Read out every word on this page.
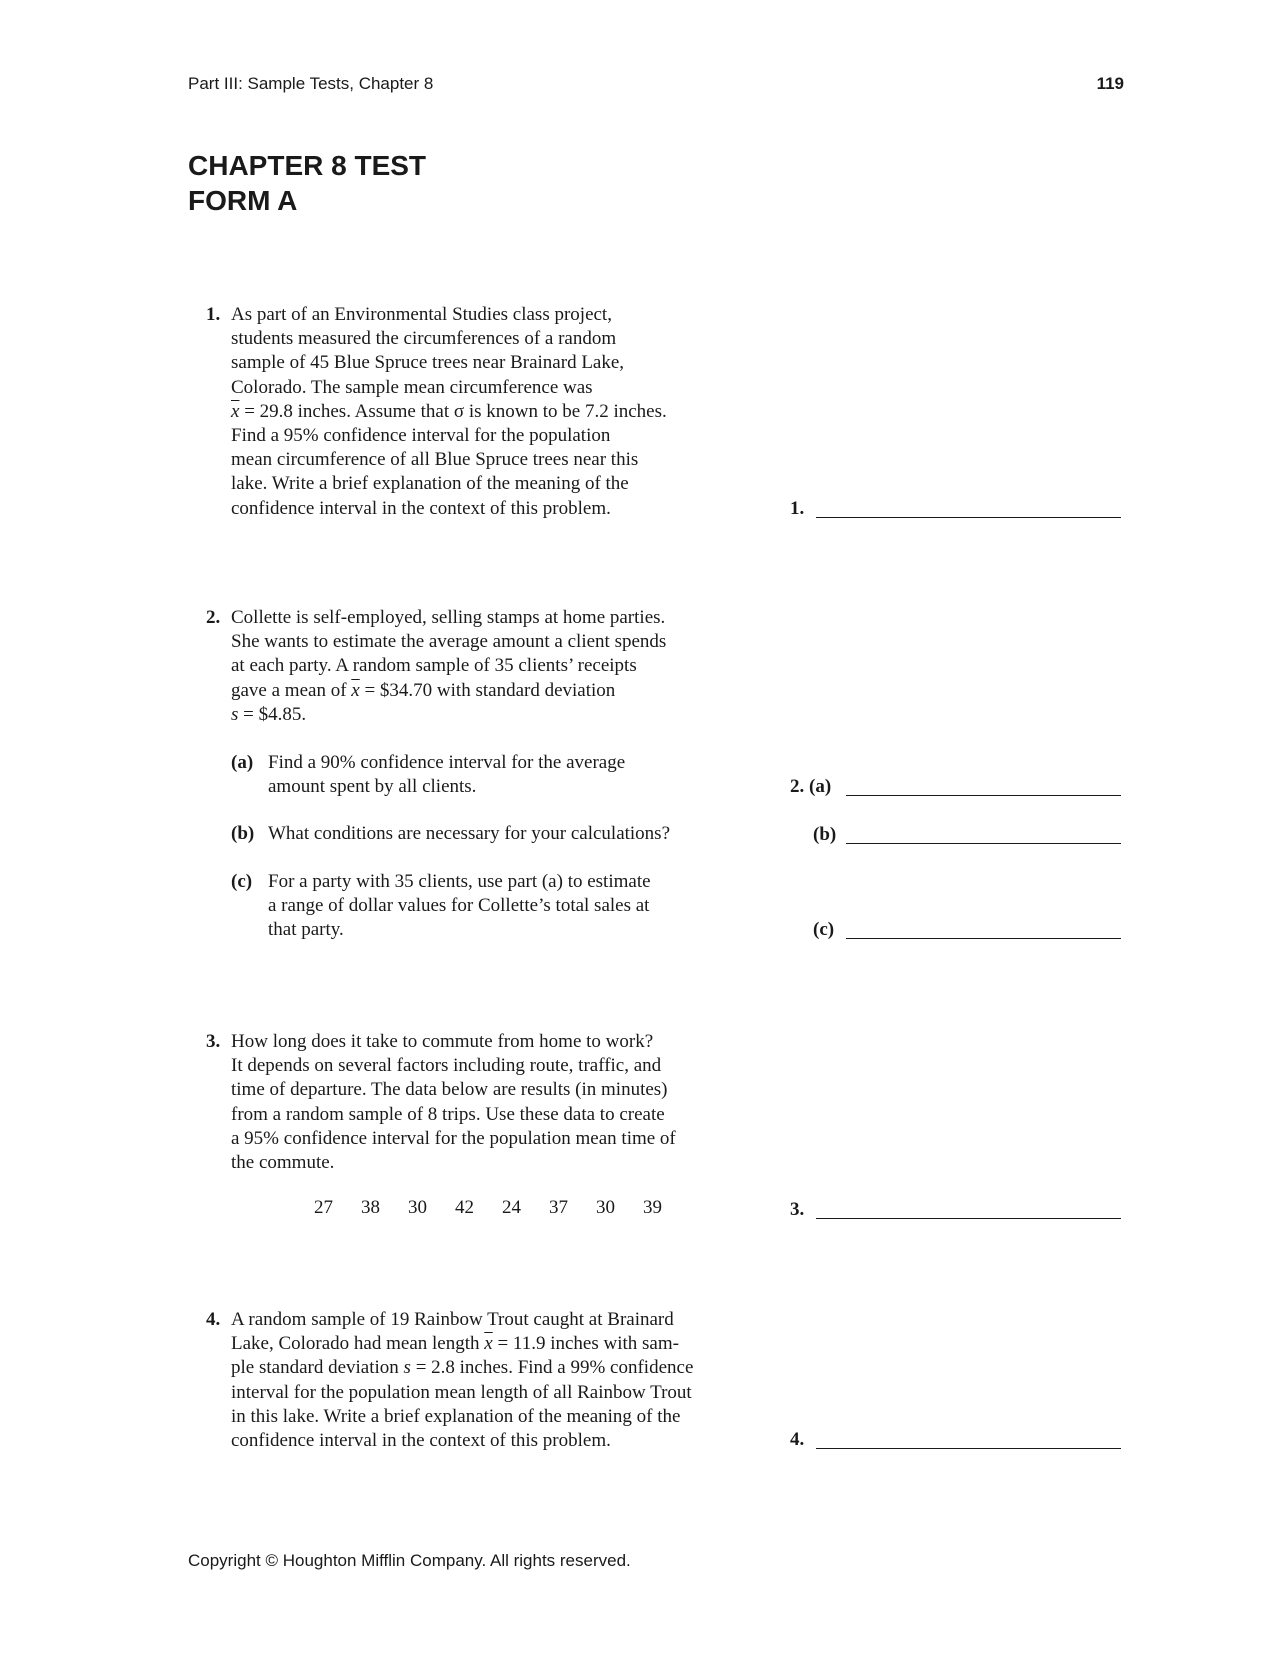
Part III: Sample Tests, Chapter 8	119
CHAPTER 8 TEST
FORM A
1. As part of an Environmental Studies class project,
students measured the circumferences of a random
sample of 45 Blue Spruce trees near Brainard Lake,
Colorado. The sample mean circumference was
$\overline{x} = 29.8$ inches. Assume that σ is known to be 7.2 inches.
Find a 95% confidence interval for the population
mean circumference of all Blue Spruce trees near this
lake. Write a brief explanation of the meaning of the
confidence interval in the context of this problem.	1.
2. Collette is self-employed, selling stamps at home parties.
She wants to estimate the average amount a client spends
at each party. A random sample of 35 clients’ receipts
gave a mean of $\overline{x}$ = $34.70 with standard deviation
s = $4.85.
(a) Find a 90% confidence interval for the average
amount spent by all clients.	2. (a)
(b) What conditions are necessary for your calculations?	(b)
(c) For a party with 35 clients, use part (a) to estimate
a range of dollar values for Collette’s total sales at
that party.	(c)
3. How long does it take to commute from home to work?
It depends on several factors including route, traffic, and
time of departure. The data below are results (in minutes)
from a random sample of 8 trips. Use these data to create
a 95% confidence interval for the population mean time of
the commute.
27 38 30 42 24 37 30 39	3.
4. A random sample of 19 Rainbow Trout caught at Brainard
Lake, Colorado had mean length $\overline{x} = 11.9$ inches with sam-
ple standard deviation s = 2.8 inches. Find a 99% confidence
interval for the population mean length of all Rainbow Trout
in this lake. Write a brief explanation of the meaning of the
confidence interval in the context of this problem.	4.
Copyright © Houghton Mifflin Company. All rights reserved.
